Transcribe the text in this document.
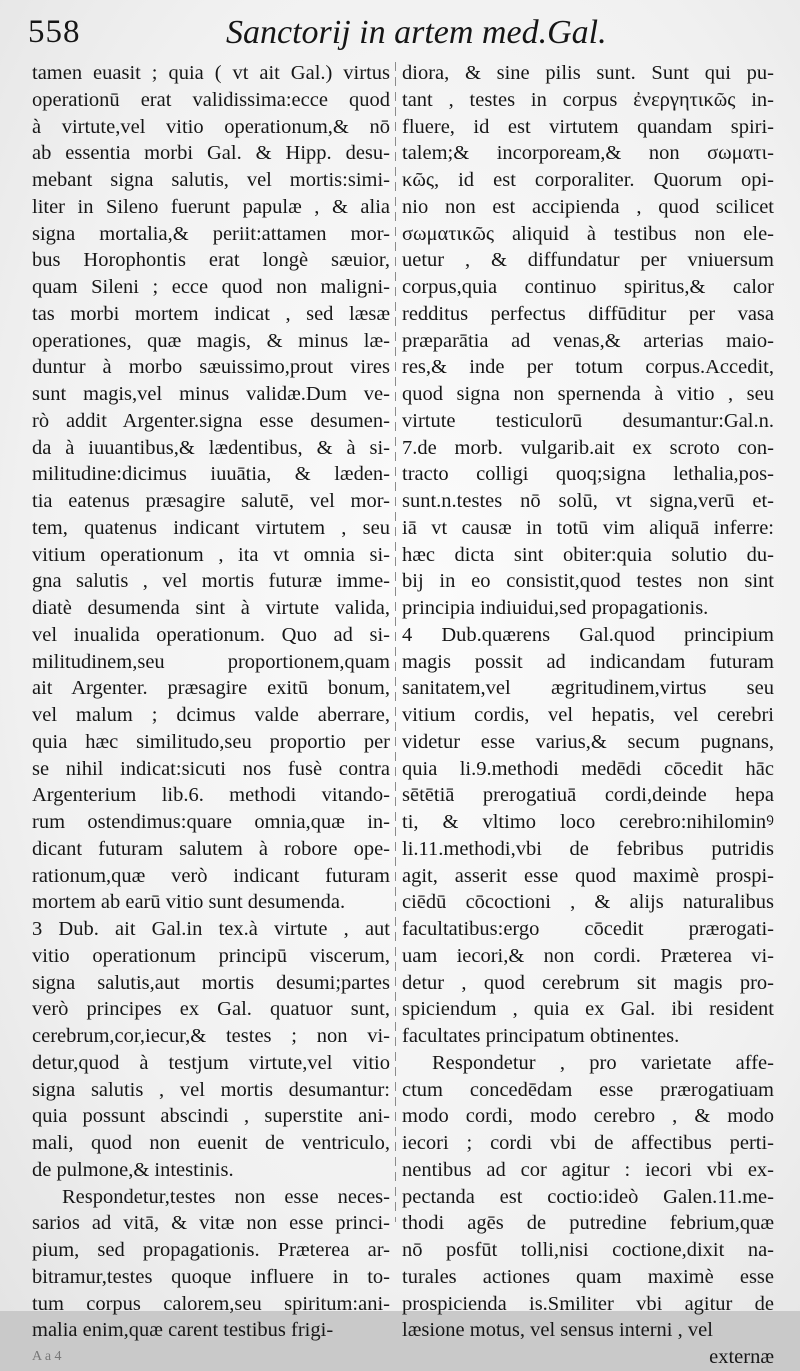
558	Sanctorij in artem med.Gal.
tamen euasit ; quia ( vt ait Gal.) virtus
operationū erat validissima:ecce quod
à virtute,vel vitio operationum,& nō
ab essentia morbi Gal. & Hipp. desu-
mebant signa salutis, vel mortis:simi-
liter in Sileno fuerunt papulæ , & alia
signa mortalia,& periit:attamen mor-
bus Horophontis erat longè sæuior,
quam Sileni ; ecce quod non maligni-
tas morbi mortem indicat , sed læsæ
operationes, quæ magis, & minus læ-
duntur à morbo sæuissimo,prout vires
sunt magis,vel minus validæ.Dum ve-
rò addit Argenter.signa esse desumen-
da à iuuantibus,& lædentibus, & à si-
militudine:dicimus iuuātia, & læden-
tia eatenus præsagire salutē, vel mor-
tem, quatenus indicant virtutem , seu
vitium operationum , ita vt omnia si-
gna salutis , vel mortis futuræ imme-
diatè desumenda sint à virtute valida,
vel inualida operationum. Quo ad si-
militudinem,seu proportionem,quam
ait Argenter. præsagire exitū bonum,
vel malum ; dcimus valde aberrare,
quia hæc similitudo,seu proportio per
se nihil indicat:sicuti nos fusè contra
Argenterium lib.6. methodi vitando-
rum ostendimus:quare omnia,quæ in-
dicant futuram salutem à robore ope-
rationum,quæ verò indicant futuram
mortem ab earū vitio sunt desumenda.
3 Dub. ait Gal.in tex.à virtute , aut
vitio operationum principū viscerum,
signa salutis,aut mortis desumi;partes
verò principes ex Gal. quatuor sunt,
cerebrum,cor,iecur,& testes ; non vi-
detur,quod à testjum virtute,vel vitio
signa salutis , vel mortis desumantur:
quia possunt abscindi , superstite ani-
mali, quod non euenit de ventriculo,
de pulmone,& intestinis.
Respondetur,testes non esse neces-
sarios ad vitā, & vitæ non esse princi-
pium, sed propagationis. Præterea ar-
bitramur,testes quoque influere in to-
tum corpus calorem,seu spiritum:ani-
malia enim,quæ carent testibus frigi-
A a 4
diora, & sine pilis sunt. Sunt qui pu-
tant , testes in corpus ἐνεργητικῶς in-
fluere, id est virtutem quandam spiri-
talem;& incorpoream,& non σωματι-
κῶς, id est corporaliter. Quorum opi-
nio non est accipienda , quod scilicet
σωματικῶς aliquid à testibus non ele-
uetur , & diffundatur per vniuersum
corpus,quia continuo spiritus,& calor
redditus perfectus diffūditur per vasa
præparātia ad venas,& arterias maio-
res,& inde per totum corpus.Accedit,
quod signa non spernenda à vitio , seu
virtute testiculorū desumantur:Gal.n.
7.de morb. vulgarib.ait ex scroto con-
tracto colligi quoq;signa lethalia,pos-
sunt.n.testes nō solū, vt signa,verū et-
iā vt causæ in totū vim aliquā inferre:
hæc dicta sint obiter:quia solutio du-
bij in eo consistit,quod testes non sint
principia indiuidui,sed propagationis.
4 Dub.quærens Gal.quod principium
magis possit ad indicandam futuram
sanitatem,vel ægritudinem,virtus seu
vitium cordis, vel hepatis, vel cerebri
videtur esse varius,& secum pugnans,
quia li.9.methodi medēdi cōcedit hāc
sētētiā prerogatiuā cordi,deinde hepa
ti, & vltimo loco cerebro:nihilominꝰ
li.11.methodi,vbi de febribus putridis
agit, asserit esse quod maximè prospi-
ciēdū cōcoctioni , & alijs naturalibus
facultatibus:ergo cōcedit prærogati-
uam iecori,& non cordi. Præterea vi-
detur , quod cerebrum sit magis pro-
spiciendum , quia ex Gal. ibi resident
facultates principatum obtinentes.
Respondetur , pro varietate affe-
ctum concedēdam esse prærogatiuam
modo cordi, modo cerebro , & modo
iecori ; cordi vbi de affectibus perti-
nentibus ad cor agitur : iecori vbi ex-
pectanda est coctio:ideò Galen.11.me-
thodi agēs de putredine febrium,quæ
nō posfūt tolli,nisi coctione,dixit na-
turales actiones quam maximè esse
prospicienda is.Smiliter vbi agitur de
læsione motus, vel sensus interni , vel
externæ
